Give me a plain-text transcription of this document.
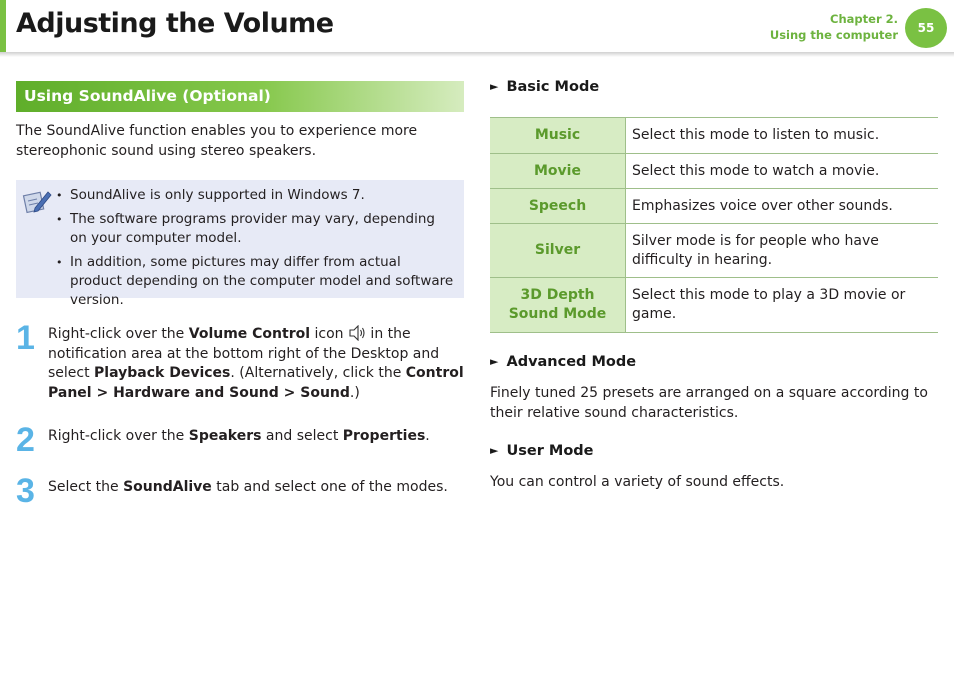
Adjusting the Volume	Chapter 2.
Using the computer	55
Using SoundAlive (Optional)
The SoundAlive function enables you to experience more stereophonic sound using stereo speakers.
• SoundAlive is only supported in Windows 7.
• The software programs provider may vary, depending on your computer model.
• In addition, some pictures may differ from actual product depending on the computer model and software version.
1 Right-click over the Volume Control icon  in the notification area at the bottom right of the Desktop and select Playback Devices. (Alternatively, click the Control Panel > Hardware and Sound > Sound.)
2 Right-click over the Speakers and select Properties.
3 Select the SoundAlive tab and select one of the modes.
► Basic Mode
Music	Select this mode to listen to music.
Movie	Select this mode to watch a movie.
Speech	Emphasizes voice over other sounds.
Silver	Silver mode is for people who have difficulty in hearing.
3D Depth
Sound Mode	Select this mode to play a 3D movie or game.
► Advanced Mode
Finely tuned 25 presets are arranged on a square according to their relative sound characteristics.
► User Mode
You can control a variety of sound effects.
